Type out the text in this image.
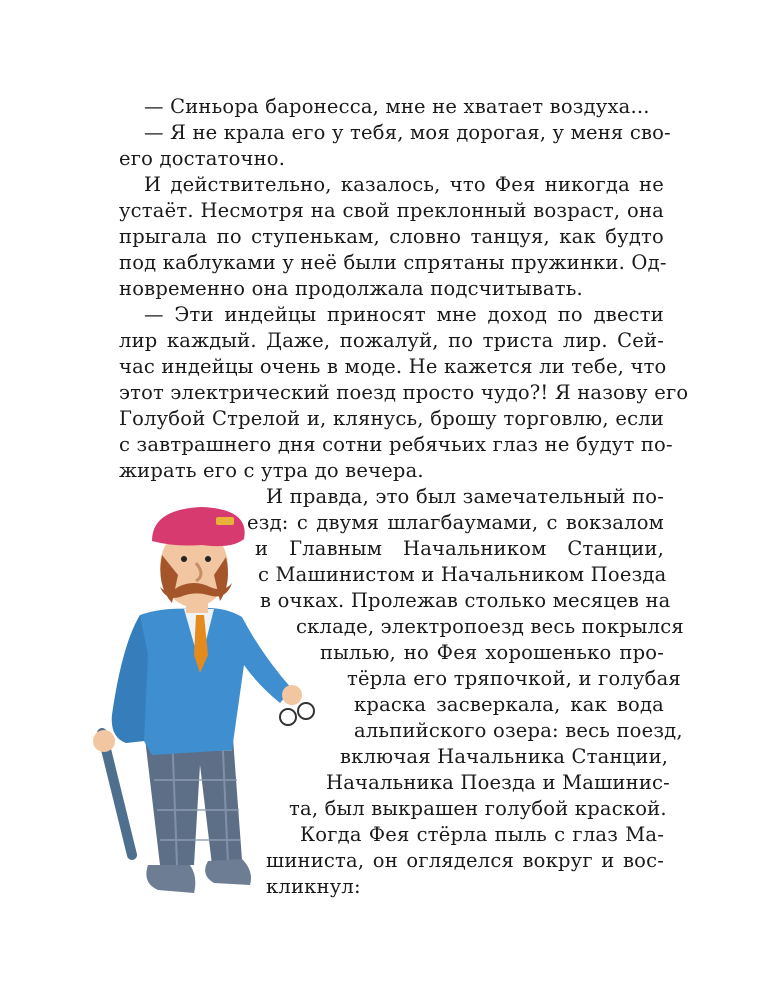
— Синьора баронесса, мне не хватает воздуха...
— Я не крала его у тебя, моя дорогая, у меня сво-
его достаточно.
И действительно, казалось, что Фея никогда не
устаёт. Несмотря на свой преклонный возраст, она
прыгала по ступенькам, словно танцуя, как будто
под каблуками у неё были спрятаны пружинки. Од-
новременно она продолжала подсчитывать.
— Эти индейцы приносят мне доход по двести
лир каждый. Даже, пожалуй, по триста лир. Сей-
час индейцы очень в моде. Не кажется ли тебе, что
этот электрический поезд просто чудо?! Я назову его
Голубой Стрелой и, клянусь, брошу торговлю, если
с завтрашнего дня сотни ребячьих глаз не будут по-
жирать его с утра до вечера.
И правда, это был замечательный по-
езд: с двумя шлагбаумами, с вокзалом
и Главным Начальником Станции,
с Машинистом и Начальником Поезда
в очках. Пролежав столько месяцев на
складе, электропоезд весь покрылся
пылью, но Фея хорошенько про-
тёрла его тряпочкой, и голубая
краска засверкала, как вода
альпийского озера: весь поезд,
включая Начальника Станции,
Начальника Поезда и Машинис-
та, был выкрашен голубой краской.
Когда Фея стёрла пыль с глаз Ма-
шиниста, он огляделся вокруг и вос-
кликнул:
